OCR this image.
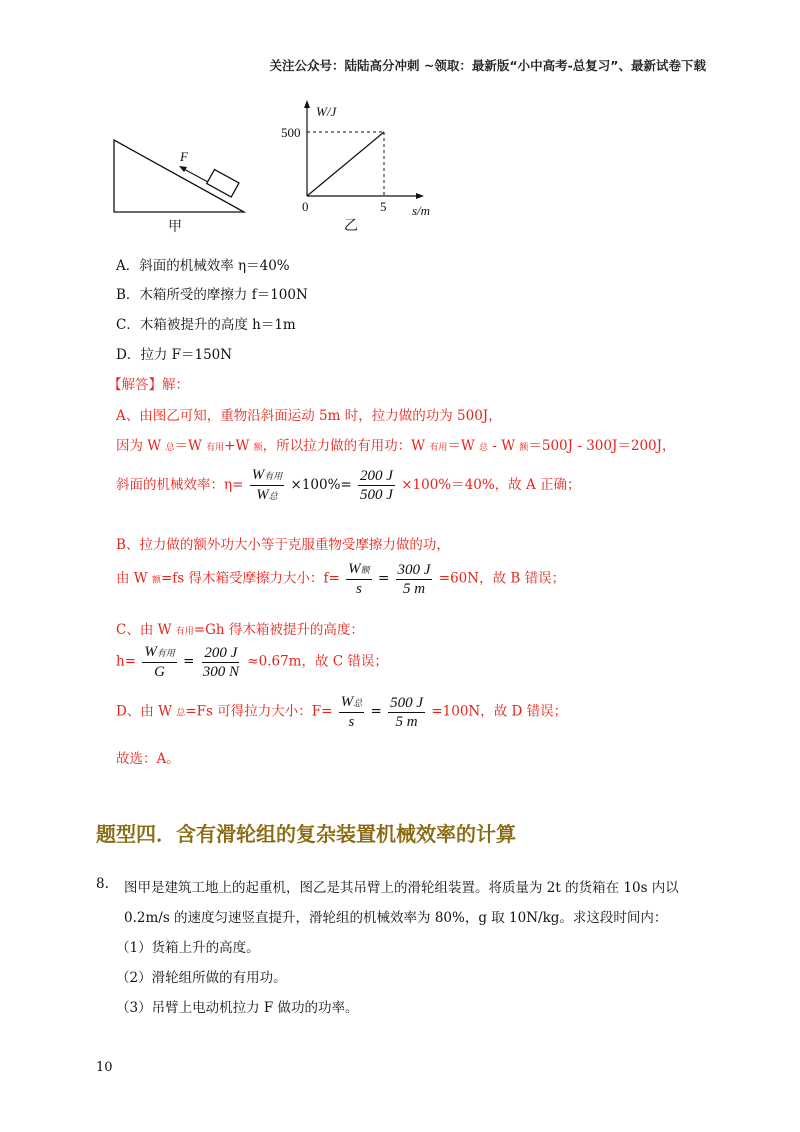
关注公众号：陆陆高分冲刺 ~领取：最新版“小中高考-总复习”、最新试卷下载
F
甲
W/J
500
0	5 s/m
乙
A．斜面的机械效率 η＝40%
B．木箱所受的摩擦力 f＝100N
C．木箱被提升的高度 h＝1m
D．拉力 F＝150N
【解答】解：
A、由图乙可知，重物沿斜面运动 5m 时，拉力做的功为 500J，
因为 W 总＝W 有用+W 额，所以拉力做的有用功：W 有用＝W 总 - W 额＝500J - 300J＝200J，
斜面的机械效率：$\eta= \frac{\text{W有用}}{\text{W总}} \times 100\%= \frac{200 J}{500 J} \times 100\%=40\%$，故 A 正确；
B、拉力做的额外功大小等于克服重物受摩擦力做的功，
由 W 额=fs 得木箱受摩擦力大小：$f= \frac{\text{W额}}{s} = \frac{300 J}{5 m} =60N$，故 B 错误；
C、由 W 有用=Gh 得木箱被提升的高度：
$h= \frac{\text{W有用}}{G} = \frac{200 J}{300 N} \approx 0.67m$，故 C 错误；
D、由 W 总=Fs 可得拉力大小：$F= \frac{\text{W总}}{s} = \frac{500 J}{5 m} =100N$，故 D 错误；
故选：A。
题型四．含有滑轮组的复杂装置机械效率的计算
8. 图甲是建筑工地上的起重机，图乙是其吊臂上的滑轮组装置。将质量为 2t 的货箱在 10s 内以
0.2m/s 的速度匀速竖直提升，滑轮组的机械效率为 80%，g 取 10N/kg。求这段时间内：
（1）货箱上升的高度。
（2）滑轮组所做的有用功。
（3）吊臂上电动机拉力 F 做功的功率。
10
